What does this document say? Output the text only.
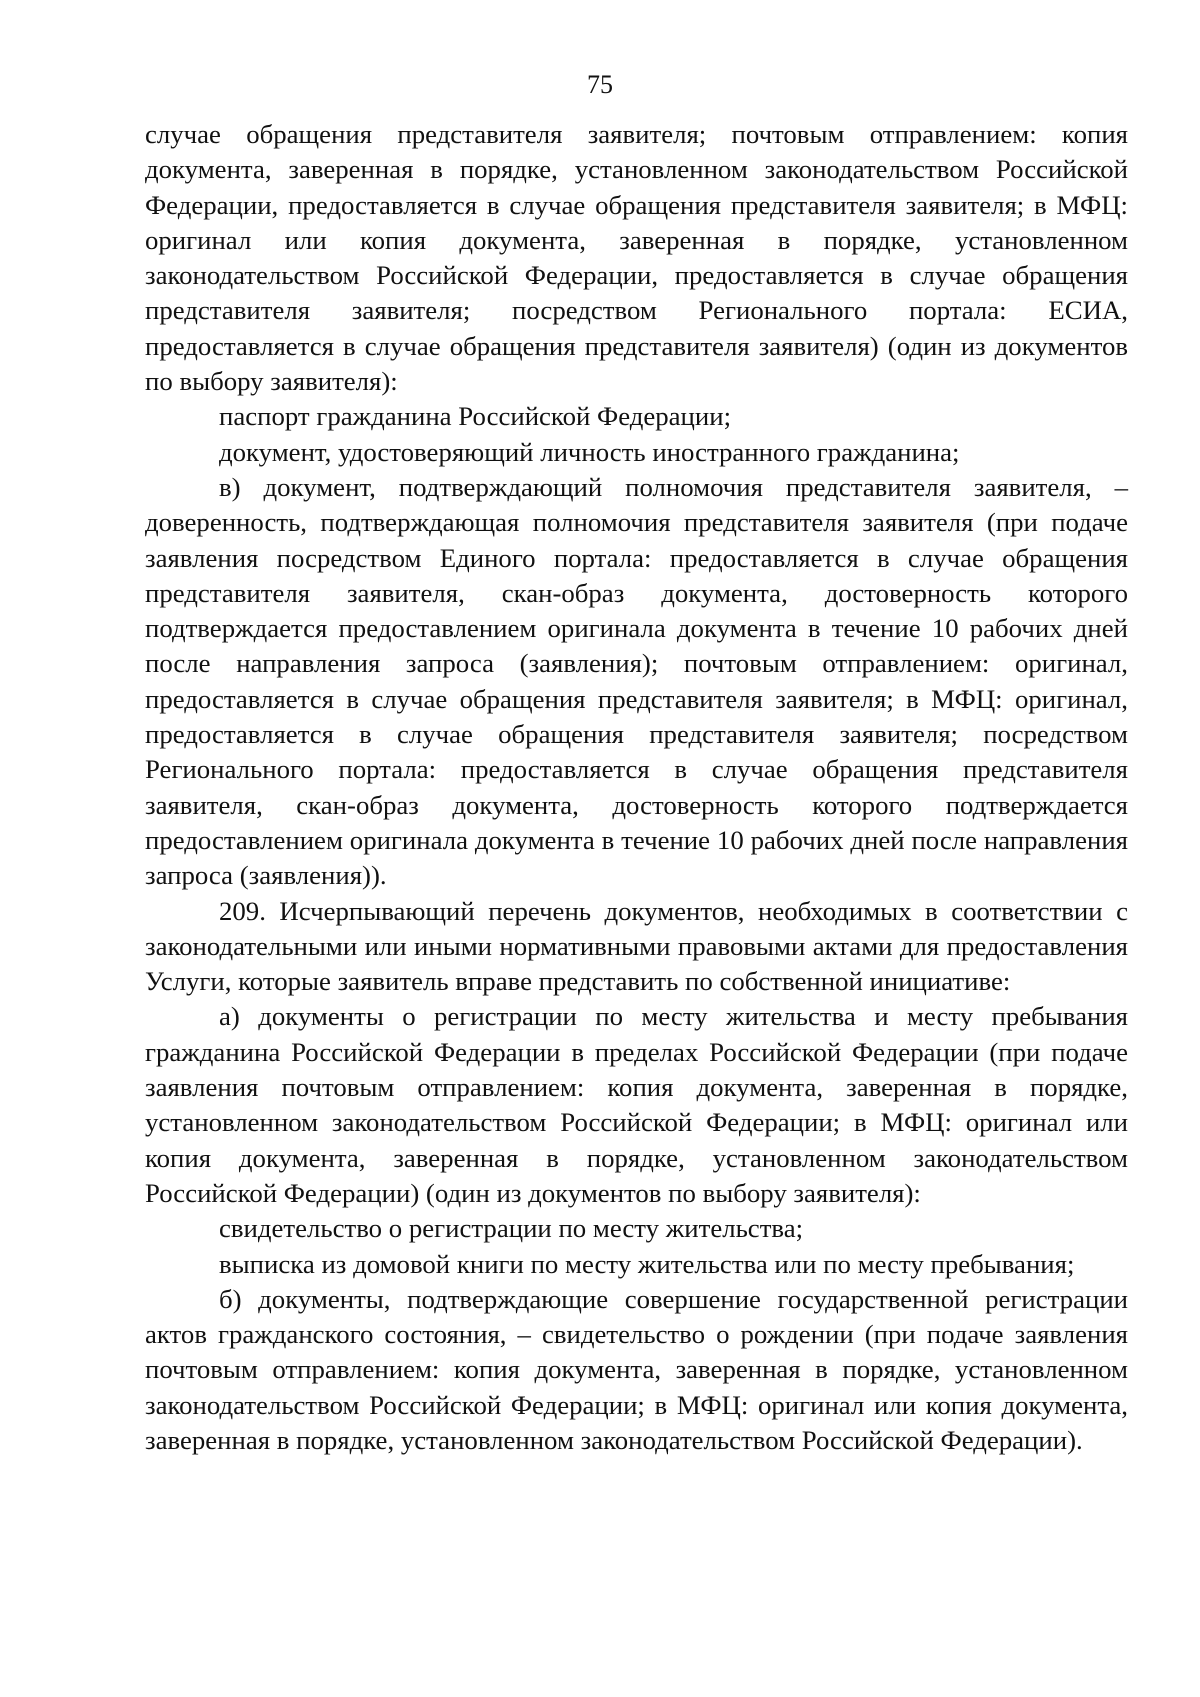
75

случае обращения представителя заявителя; почтовым отправлением: копия документа, заверенная в порядке, установленном законодательством Российской Федерации, предоставляется в случае обращения представителя заявителя; в МФЦ: оригинал или копия документа, заверенная в порядке, установленном законодательством Российской Федерации, предоставляется в случае обращения представителя заявителя; посредством Регионального портала: ЕСИА, предоставляется в случае обращения представителя заявителя) (один из документов по выбору заявителя):

паспорт гражданина Российской Федерации;

документ, удостоверяющий личность иностранного гражданина;

в) документ, подтверждающий полномочия представителя заявителя, – доверенность, подтверждающая полномочия представителя заявителя (при подаче заявления посредством Единого портала: предоставляется в случае обращения представителя заявителя, скан-образ документа, достоверность которого подтверждается предоставлением оригинала документа в течение 10 рабочих дней после направления запроса (заявления); почтовым отправлением: оригинал, предоставляется в случае обращения представителя заявителя; в МФЦ: оригинал, предоставляется в случае обращения представителя заявителя; посредством Регионального портала: предоставляется в случае обращения представителя заявителя, скан-образ документа, достоверность которого подтверждается предоставлением оригинала документа в течение 10 рабочих дней после направления запроса (заявления)).

209. Исчерпывающий перечень документов, необходимых в соответствии с законодательными или иными нормативными правовыми актами для предоставления Услуги, которые заявитель вправе представить по собственной инициативе:

а) документы о регистрации по месту жительства и месту пребывания гражданина Российской Федерации в пределах Российской Федерации (при подаче заявления почтовым отправлением: копия документа, заверенная в порядке, установленном законодательством Российской Федерации; в МФЦ: оригинал или копия документа, заверенная в порядке, установленном законодательством Российской Федерации) (один из документов по выбору заявителя):

свидетельство о регистрации по месту жительства;

выписка из домовой книги по месту жительства или по месту пребывания;

б) документы, подтверждающие совершение государственной регистрации актов гражданского состояния, – свидетельство о рождении (при подаче заявления почтовым отправлением: копия документа, заверенная в порядке, установленном законодательством Российской Федерации; в МФЦ: оригинал или копия документа, заверенная в порядке, установленном законодательством Российской Федерации).
